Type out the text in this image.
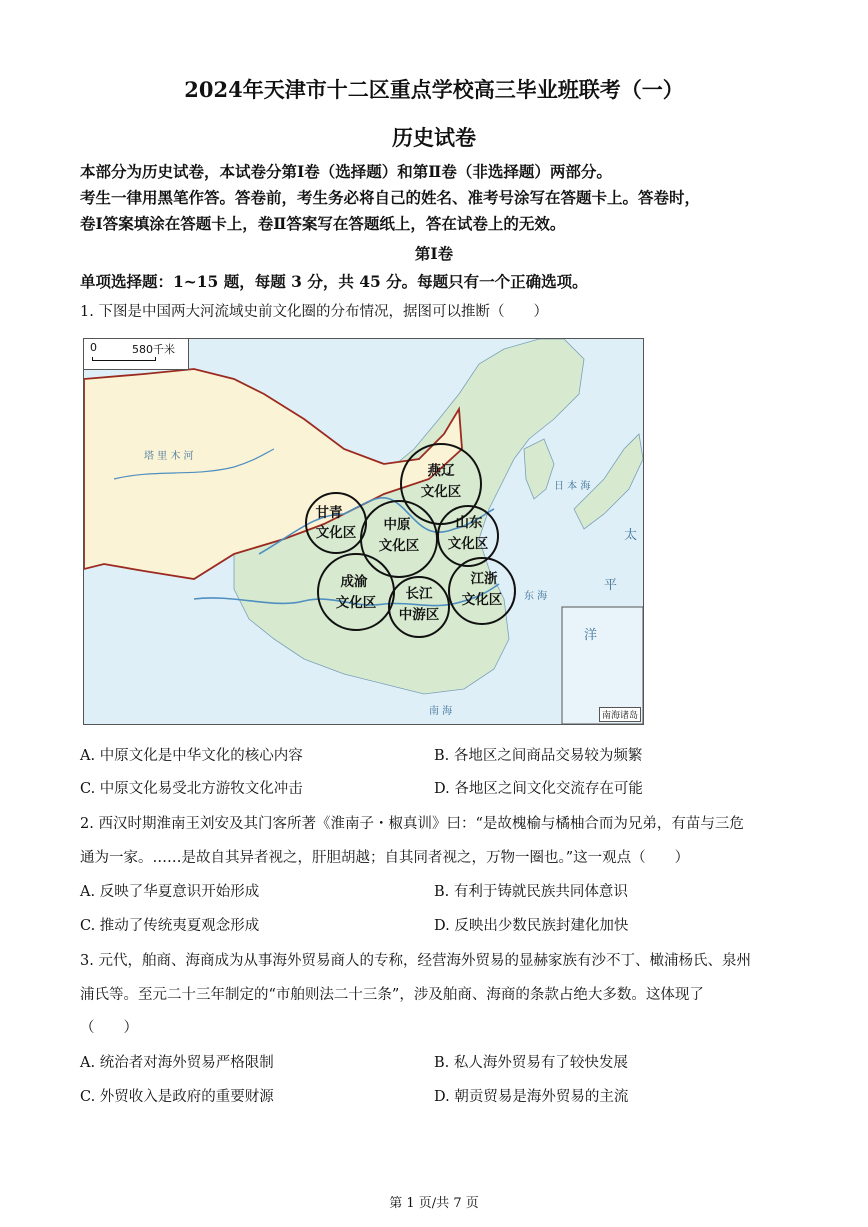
2024年天津市十二区重点学校高三毕业班联考（一）
历史试卷
本部分为历史试卷，本试卷分第Ⅰ卷（选择题）和第Ⅱ卷（非选择题）两部分。
考生一律用黑笔作答。答卷前，考生务必将自己的姓名、准考号涂写在答题卡上。答卷时，
卷Ⅰ答案填涂在答题卡上，卷Ⅱ答案写在答题纸上，答在试卷上的无效。
第Ⅰ卷
单项选择题：1~15 题，每题 3 分，共 45 分。每题只有一个正确选项。
1. 下图是中国两大河流域史前文化圈的分布情况，据图可以推断（　　）
燕辽
文化区
甘青
文化区 中原
文化区
山东
文化区
成渝
文化区
长江
中游区
江浙
文化区
日 本 海
太
平
洋
东 海
南 海
塔 里 木 河
0	580千米
南海诸岛
A. 中原文化是中华文化的核心内容	B. 各地区之间商品交易较为频繁
C. 中原文化易受北方游牧文化冲击	D. 各地区之间文化交流存在可能
2. 西汉时期淮南王刘安及其门客所著《淮南子・椒真训》曰：“是故槐榆与橘柚合而为兄弟，有苗与三危
通为一家。……是故自其异者视之，肝胆胡越；自其同者视之，万物一圈也。”这一观点（　　）
A. 反映了华夏意识开始形成	B. 有利于铸就民族共同体意识
C. 推动了传统夷夏观念形成	D. 反映出少数民族封建化加快
3. 元代，舶商、海商成为从事海外贸易商人的专称，经营海外贸易的显赫家族有沙不丁、橄浦杨氏、泉州
浦氏等。至元二十三年制定的“市舶则法二十三条”，涉及舶商、海商的条款占绝大多数。这体现了
（　　）
A. 统治者对海外贸易严格限制	B. 私人海外贸易有了较快发展
C. 外贸收入是政府的重要财源	D. 朝贡贸易是海外贸易的主流
第 1 页/共 7 页
